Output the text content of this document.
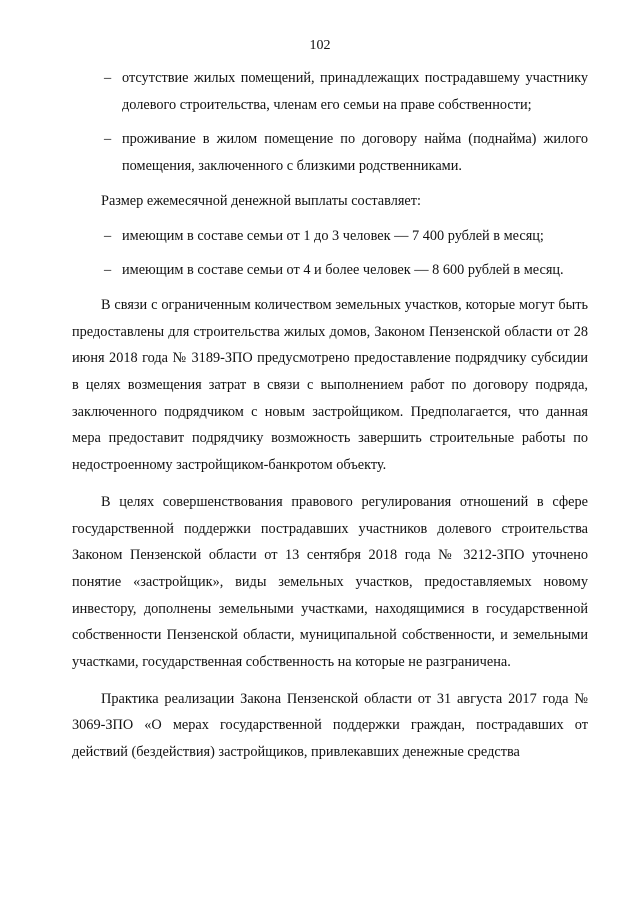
102
– отсутствие жилых помещений, принадлежащих пострадавшему участнику долевого строительства, членам его семьи на праве собственности;
– проживание в жилом помещение по договору найма (поднайма) жилого помещения, заключенного с близкими родственниками.

Размер ежемесячной денежной выплаты составляет:

– имеющим в составе семьи от 1 до 3 человек — 7 400 рублей в месяц;
– имеющим в составе семьи от 4 и более человек — 8 600 рублей в месяц.

В связи с ограниченным количеством земельных участков, которые могут быть предоставлены для строительства жилых домов, Законом Пензенской области от 28 июня 2018 года № 3189-ЗПО предусмотрено предоставление подрядчику субсидии в целях возмещения затрат в связи с выполнением работ по договору подряда, заключенного подрядчиком с новым застройщиком. Предполагается, что данная мера предоставит подрядчику возможность завершить строительные работы по недостроенному застройщиком-банкротом объекту.

В целях совершенствования правового регулирования отношений в сфере государственной поддержки пострадавших участников долевого строительства Законом Пензенской области от 13 сентября 2018 года № 3212-ЗПО уточнено понятие «застройщик», виды земельных участков, предоставляемых новому инвестору, дополнены земельными участками, находящимися в государственной собственности Пензенской области, муниципальной собственности, и земельными участками, государственная собственность на которые не разграничена.

Практика реализации Закона Пензенской области от 31 августа 2017 года № 3069-ЗПО «О мерах государственной поддержки граждан, пострадавших от действий (бездействия) застройщиков, привлекавших денежные средства
